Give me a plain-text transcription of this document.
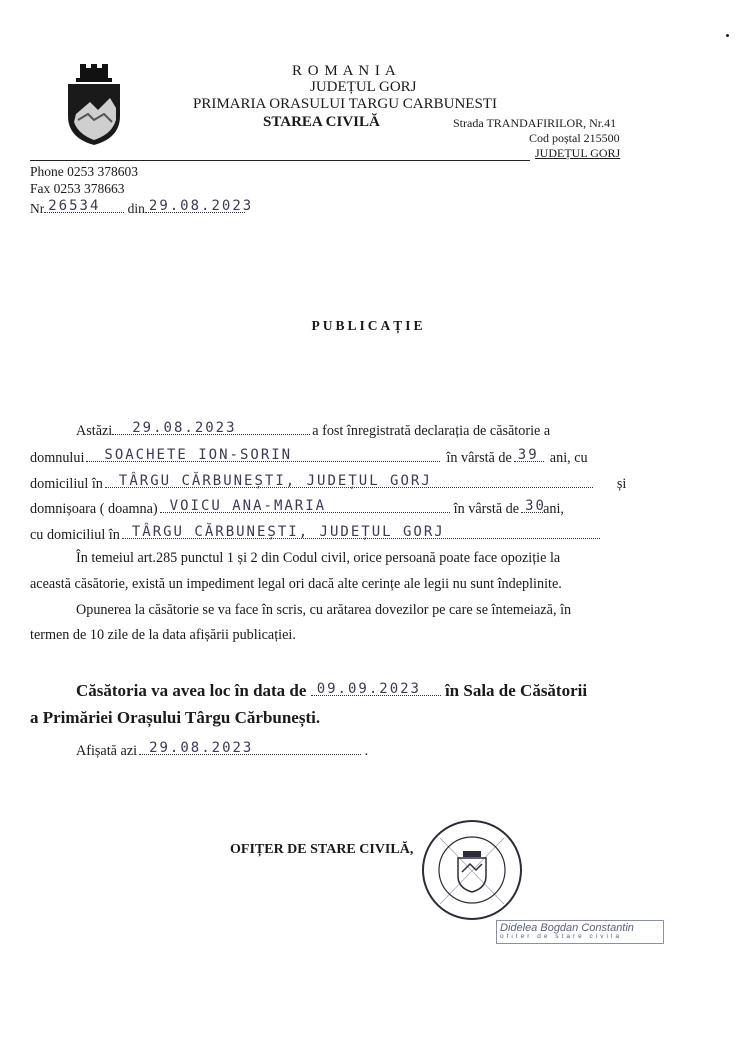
R O M A N I A
JUDEȚUL GORJ
PRIMARIA ORASULUI TARGU CARBUNESTI
STAREA CIVILĂ	Strada TRANDAFIRILOR, Nr.41
Cod poștal 215500
JUDEȚUL GORJ
Phone 0253 378603
Fax 0253 378663
Nr 26534 din 29.08.2023
PUBLICAȚIE
Astăzi 29.08.2023	a fost înregistrată declarația de căsătorie a
domnului SOACHETE ION-SORIN	în vârstă de 39 ani, cu
domiciliul în TÂRGU CĂRBUNEȘTI, JUDEȚUL GORJ	și
domnișoara ( doamna) VOICU ANA-MARIA	în vârstă de 30
ani,
cu domiciliul în TÂRGU CĂRBUNEȘTI, JUDEȚUL GORJ
În temeiul art.285 punctul 1 și 2 din Codul civil, orice persoană poate face opoziție la
această căsătorie, există un impediment legal ori dacă alte cerințe ale legii nu sunt îndeplinite.
Opunerea la căsătorie se va face în scris, cu arătarea dovezilor pe care se întemeiază, în
termen de 10 zile de la data afișării publicației.
Căsătoria va avea loc în data de 09.09.2023 în Sala de Căsătorii
a Primăriei Orașului Târgu Cărbunești.
Afișată azi 29.08.2023	.
OFIȚER DE STARE CIVILĂ,
Didelea Bogdan Constantin
ofiter de stare civila
